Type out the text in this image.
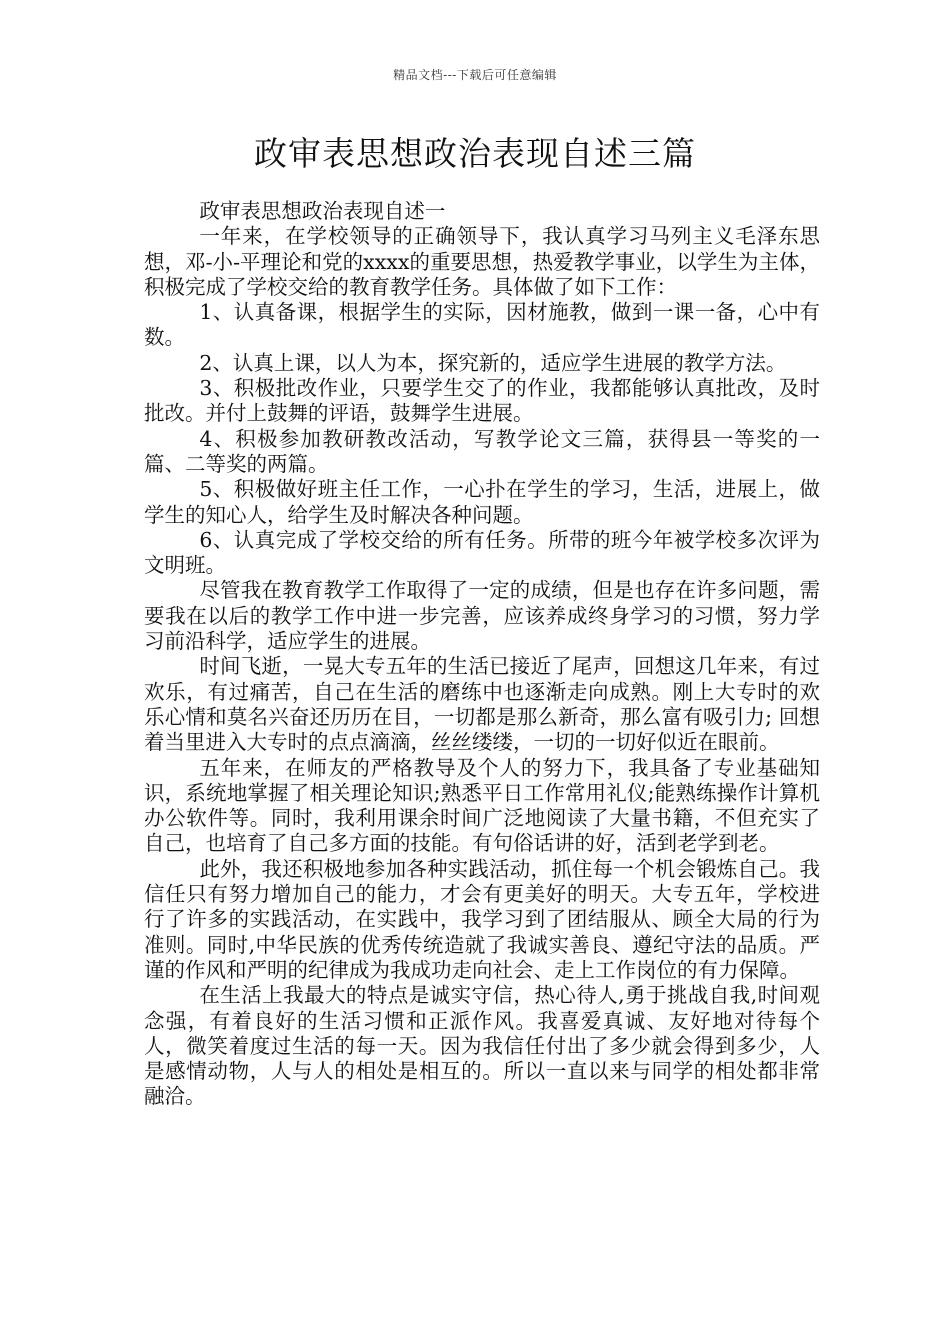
精品文档---下载后可任意编辑
政审表思想政治表现自述三篇

政审表思想政治表现自述一

一年来，在学校领导的正确领导下，我认真学习马列主义毛泽东思想，邓-小-平理论和党的xxxx的重要思想，热爱教学事业，以学生为主体，积极完成了学校交给的教育教学任务。具体做了如下工作：

1、认真备课，根据学生的实际，因材施教，做到一课一备，心中有数。

2、认真上课，以人为本，探究新的，适应学生进展的教学方法。

3、积极批改作业，只要学生交了的作业，我都能够认真批改，及时批改。并付上鼓舞的评语，鼓舞学生进展。

4、积极参加教研教改活动，写教学论文三篇，获得县一等奖的一篇、二等奖的两篇。

5、积极做好班主任工作，一心扑在学生的学习，生活，进展上，做学生的知心人，给学生及时解决各种问题。

6、认真完成了学校交给的所有任务。所带的班今年被学校多次评为文明班。

尽管我在教育教学工作取得了一定的成绩，但是也存在许多问题，需要我在以后的教学工作中进一步完善，应该养成终身学习的习惯，努力学习前沿科学，适应学生的进展。

时间飞逝，一晃大专五年的生活已接近了尾声，回想这几年来，有过欢乐，有过痛苦，自己在生活的磨练中也逐渐走向成熟。刚上大专时的欢乐心情和莫名兴奋还历历在目，一切都是那么新奇，那么富有吸引力; 回想着当里进入大专时的点点滴滴，丝丝缕缕，一切的一切好似近在眼前。

五年来，在师友的严格教导及个人的努力下，我具备了专业基础知识，系统地掌握了相关理论知识;熟悉平日工作常用礼仪;能熟练操作计算机办公软件等。同时，我利用课余时间广泛地阅读了大量书籍，不但充实了自己，也培育了自己多方面的技能。有句俗话讲的好，活到老学到老。

此外，我还积极地参加各种实践活动，抓住每一个机会锻炼自己。我信任只有努力增加自己的能力，才会有更美好的明天。大专五年，学校进行了许多的实践活动，在实践中，我学习到了团结服从、顾全大局的行为准则。同时,中华民族的优秀传统造就了我诚实善良、遵纪守法的品质。严谨的作风和严明的纪律成为我成功走向社会、走上工作岗位的有力保障。

在生活上我最大的特点是诚实守信，热心待人,勇于挑战自我,时间观念强，有着良好的生活习惯和正派作风。我喜爱真诚、友好地对待每个人，微笑着度过生活的每一天。因为我信任付出了多少就会得到多少，人是感情动物，人与人的相处是相互的。所以一直以来与同学的相处都非常融洽。
